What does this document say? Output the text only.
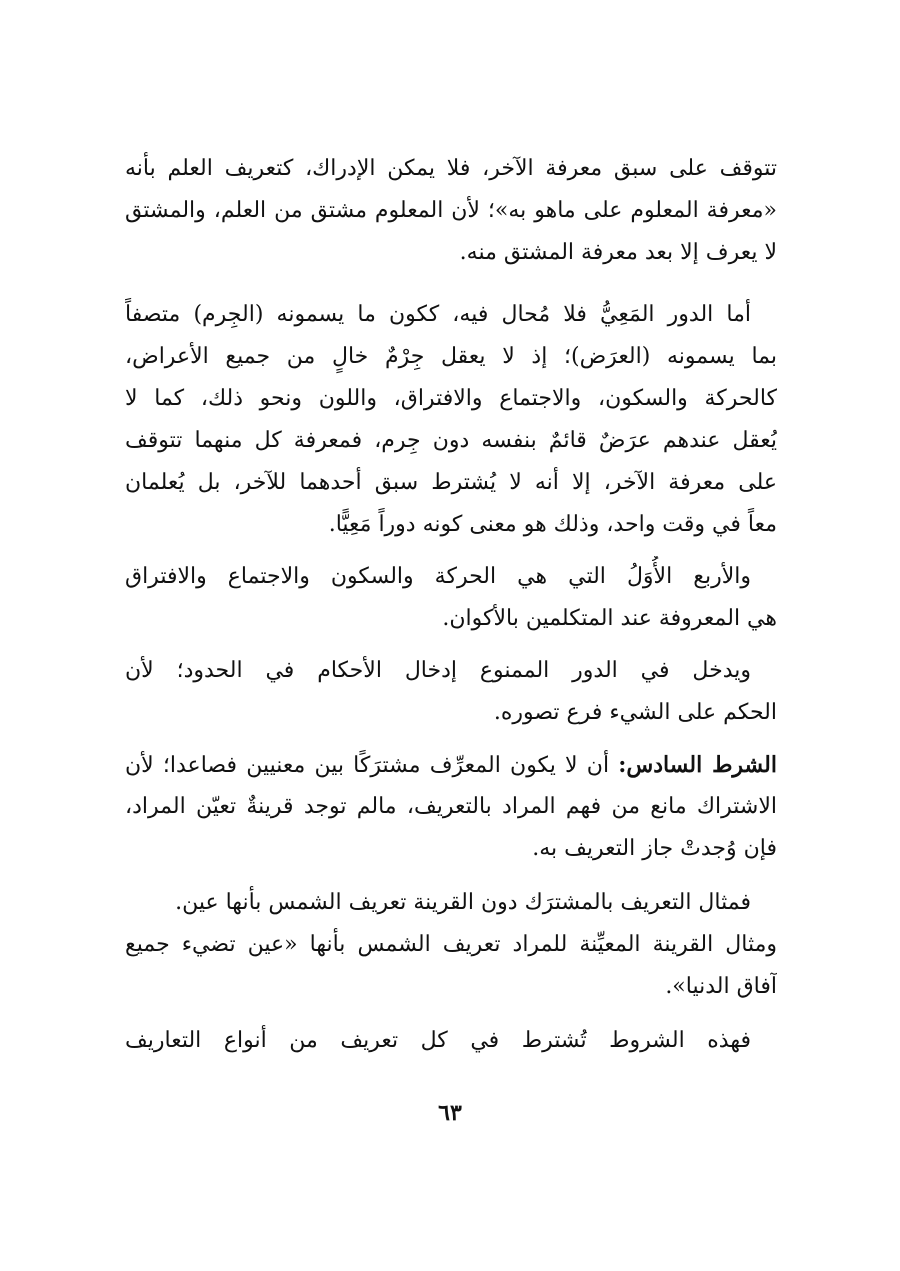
تتوقف على سبق معرفة الآخر، فلا يمكن الإدراك، كتعريف العلم بأنه
«معرفة المعلوم على ماهو به»؛ لأن المعلوم مشتق من العلم، والمشتق
لا يعرف إلا بعد معرفة المشتق منه.
أما الدور المَعِيُّ فلا مُحال فيه، ككون ما يسمونه (الجِرم) متصفاً
بما يسمونه (العرَض)؛ إذ لا يعقل جِرْمٌ خالٍ من جميع الأعراض،
كالحركة والسكون، والاجتماع والافتراق، واللون ونحو ذلك، كما لا
يُعقل عندهم عرَضٌ قائمٌ بنفسه دون جِرم، فمعرفة كل منهما تتوقف
على معرفة الآخر، إلا أنه لا يُشترط سبق أحدهما للآخر، بل يُعلمان
معاً في وقت واحد، وذلك هو معنى كونه دوراً مَعِيًّا.
والأربع الأُوَلُ التي هي الحركة والسكون والاجتماع والافتراق
هي المعروفة عند المتكلمين بالأكوان.
ويدخل في الدور الممنوع إدخال الأحكام في الحدود؛ لأن
الحكم على الشيء فرع تصوره.
الشرط السادس: أن لا يكون المعرِّف مشترَكًا بين معنيين فصاعدا؛ لأن
الاشتراك مانع من فهم المراد بالتعريف، مالم توجد قرينةٌ تعيّن المراد،
فإن وُجدتْ جاز التعريف به.
فمثال التعريف بالمشترَك دون القرينة تعريف الشمس بأنها عين.
ومثال القرينة المعيِّنة للمراد تعريف الشمس بأنها «عين تضيء جميع
آفاق الدنيا».
فهذه الشروط تُشترط في كل تعريف من أنواع التعاريف
٦٣
